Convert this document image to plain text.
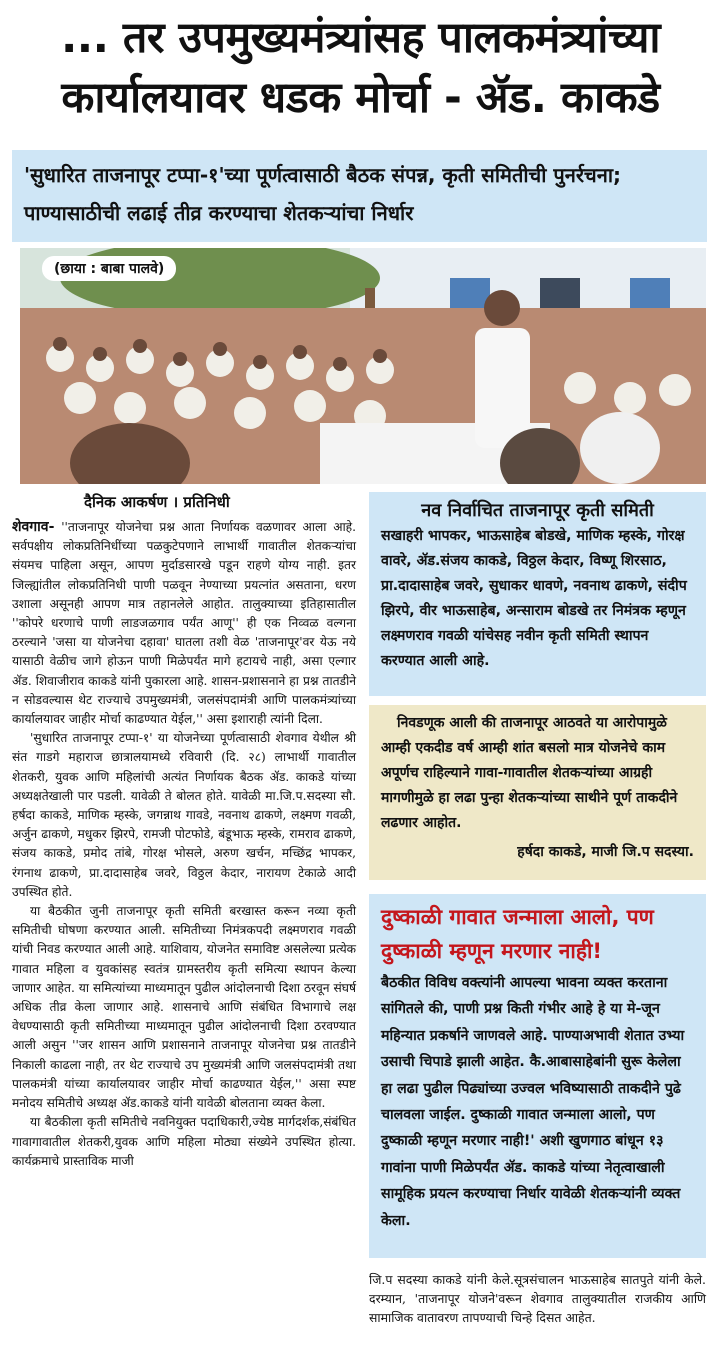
... तर उपमुख्यमंत्र्यांसह पालकमंत्र्यांच्या
कार्यालयावर धडक मोर्चा - ॲड. काकडे
'सुधारित ताजनापूर टप्पा-१'च्या पूर्णत्वासाठी बैठक संपन्न, कृती समितीची पुनर्रचना; पाण्यासाठीची लढाई तीव्र करण्याचा शेतकऱ्यांचा निर्धार
(छाया : बाबा पालवे)
दैनिक आकर्षण । प्रतिनिधी

शेवगाव- ''ताजनापूर योजनेचा प्रश्न आता निर्णायक वळणावर आला आहे. सर्वपक्षीय लोकप्रतिनिधींच्या पळकुटेपणाने लाभार्थी गावातील शेतकऱ्यांचा संयमच पाहिला असून, आपण मुर्दाडसारखे पडून राहणे योग्य नाही. इतर जिल्ह्यांतील लोकप्रतिनिधी पाणी पळवून नेण्याच्या प्रयत्नांत असताना, धरण उशाला असूनही आपण मात्र तहानलेले आहोत. तालुक्याच्या इतिहासातील ''कोपरे धरणाचे पाणी लाडजळगाव पर्यंत आणू'' ही एक निव्वळ वल्गना ठरल्याने 'जसा या योजनेचा दहावा' घातला तशी वेळ 'ताजनापूर'वर येऊ नये यासाठी वेळीच जागे होऊन पाणी मिळेपर्यंत मागे हटायचे नाही, असा एल्गार ॲड. शिवाजीराव काकडे यांनी पुकारला आहे. शासन-प्रशासनाने हा प्रश्न तातडीने न सोडवल्यास थेट राज्याचे उपमुख्यमंत्री, जलसंपदामंत्री आणि पालकमंत्र्यांच्या कार्यालयावर जाहीर मोर्चा काढण्यात येईल,'' असा इशाराही त्यांनी दिला.

'सुधारित ताजनापूर टप्पा-१' या योजनेच्या पूर्णत्वासाठी शेवगाव येथील श्री संत गाडगे महाराज छात्रालयामध्ये रविवारी (दि. २८) लाभार्थी गावातील शेतकरी, युवक आणि महिलांची अत्यंत निर्णायक बैठक ॲड. काकडे यांच्या अध्यक्षतेखाली पार पडली. यावेळी ते बोलत होते. यावेळी मा.जि.प.सदस्या सौ. हर्षदा काकडे, माणिक म्हस्के, जगन्नाथ गावडे, नवनाथ ढाकणे, लक्ष्मण गवळी, अर्जुन ढाकणे, मधुकर झिरपे, रामजी पोटफोडे, बंडूभाऊ म्हस्के, रामराव ढाकणे, संजय काकडे, प्रमोद तांबे, गोरक्ष भोसले, अरुण खर्चन, मच्छिंद्र भापकर, रंगनाथ ढाकणे, प्रा.दादासाहेब जवरे, विठ्ठल केदार, नारायण टेकाळे आदी उपस्थित होते.

या बैठकीत जुनी ताजनापूर कृती समिती बरखास्त करून नव्या कृती समितीची घोषणा करण्यात आली. समितीच्या निमंत्रकपदी लक्ष्मणराव गवळी यांची निवड करण्यात आली आहे. याशिवाय, योजनेत समाविष्ट असलेल्या प्रत्येक गावात महिला व युवकांसह स्वतंत्र ग्रामस्तरीय कृती समित्या स्थापन केल्या जाणार आहेत. या समित्यांच्या माध्यमातून पुढील आंदोलनाची दिशा ठरवून संघर्ष अधिक तीव्र केला जाणार आहे. शासनाचे आणि संबंधित विभागाचे लक्ष वेधण्यासाठी कृती समितीच्या माध्यमातून पुढील आंदोलनाची दिशा ठरवण्यात आली असुन ''जर शासन आणि प्रशासनाने ताजनापूर योजनेचा प्रश्न तातडीने निकाली काढला नाही, तर थेट राज्याचे उप मुख्यमंत्री आणि जलसंपदामंत्री तथा पालकमंत्री यांच्या कार्यालयावर जाहीर मोर्चा काढण्यात येईल,'' असा स्पष्ट मनोदय समितीचे अध्यक्ष ॲड.काकडे यांनी यावेळी बोलताना व्यक्त केला.

या बैठकीला कृती समितीचे नवनियुक्त पदाधिकारी,ज्येष्ठ मार्गदर्शक,संबंधित गावागावातील शेतकरी,युवक आणि महिला मोठ्या संख्येने उपस्थित होत्या. कार्यक्रमाचे प्रास्ताविक माजी

नव निर्वाचित ताजनापूर कृती समिती
सखाहरी भापकर, भाऊसाहेब बोडखे, माणिक म्हस्के, गोरक्ष वावरे, ॲड.संजय काकडे, विठ्ठल केदार, विष्णू शिरसाठ, प्रा.दादासाहेब जवरे, सुधाकर धावणे, नवनाथ ढाकणे, संदीप झिरपे, वीर भाऊसाहेब, अन्साराम बोडखे तर निमंत्रक म्हणून लक्ष्मणराव गवळी यांचेसह नवीन कृती समिती स्थापन करण्यात आली आहे.
निवडणूक आली की ताजनापूर आठवते या आरोपामुळे आम्ही एकदीड वर्ष आम्ही शांत बसलो मात्र योजनेचे काम अपूर्णच राहिल्याने गावा-गावातील शेतकऱ्यांच्या आग्रही मागणीमुळे हा लढा पुन्हा शेतकऱ्यांच्या साथीने पूर्ण ताकदीने लढणार आहोत.
हर्षदा काकडे, माजी जि.प सदस्या.
दुष्काळी गावात जन्माला आलो, पण दुष्काळी म्हणून मरणार नाही!
बैठकीत विविध वक्त्यांनी आपल्या भावना व्यक्त करताना सांगितले की, पाणी प्रश्न किती गंभीर आहे हे या मे-जून महिन्यात प्रकर्षाने जाणवले आहे. पाण्याअभावी शेतात उभ्या उसाची चिपाडे झाली आहेत. कै.आबासाहेबांनी सुरू केलेला हा लढा पुढील पिढ्यांच्या उज्वल भविष्यासाठी ताकदीने पुढे चालवला जाईल. दुष्काळी गावात जन्माला आलो, पण दुष्काळी म्हणून मरणार नाही!' अशी खुणगाठ बांधून १३ गावांना पाणी मिळेपर्यंत ॲड. काकडे यांच्या नेतृत्वाखाली सामूहिक प्रयत्न करण्याचा निर्धार यावेळी शेतकऱ्यांनी व्यक्त केला.
जि.प सदस्या काकडे यांनी केले.सूत्रसंचालन भाऊसाहेब सातपुते यांनी केले. दरम्यान, 'ताजनापूर योजने'वरून शेवगाव तालुक्यातील राजकीय आणि सामाजिक वातावरण तापण्याची चिन्हे दिसत आहेत.
